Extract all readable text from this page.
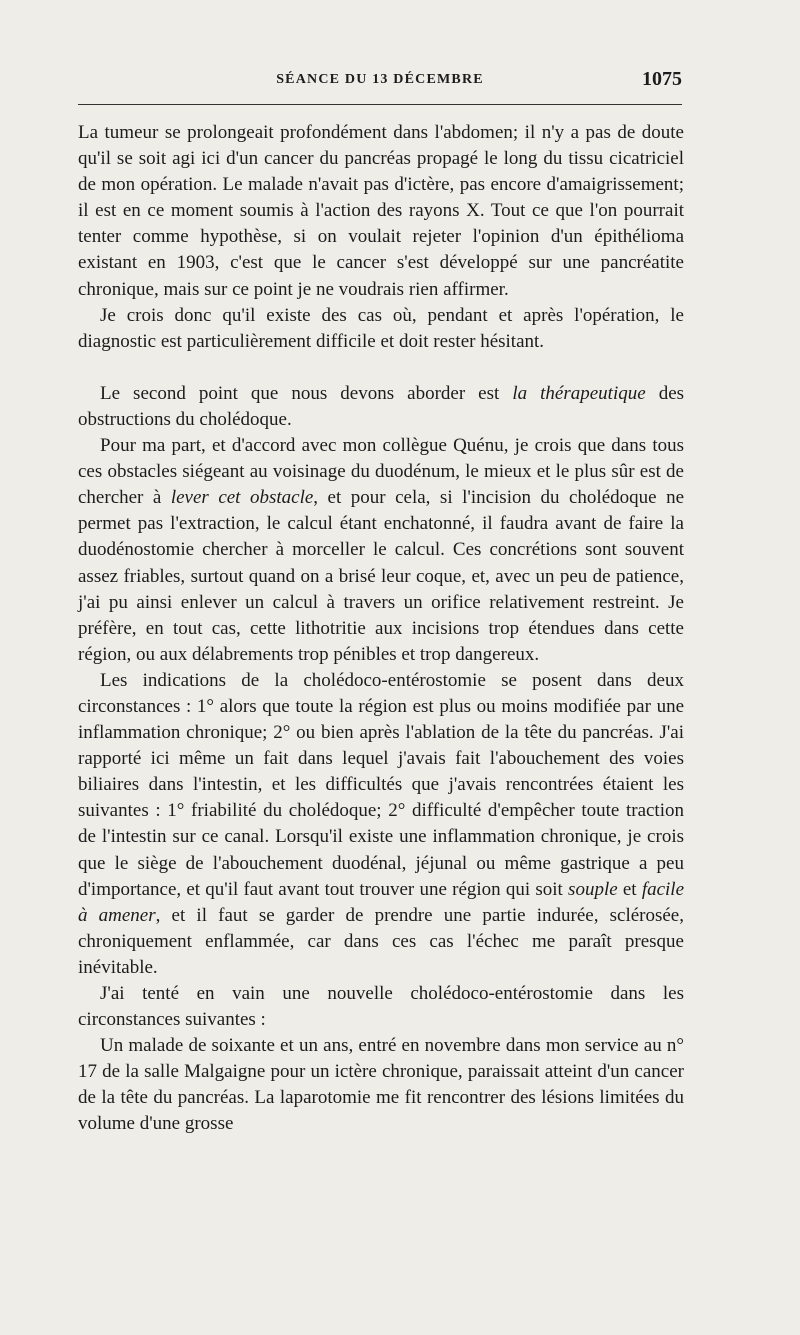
SÉANCE DU 13 DÉCEMBRE	1075

La tumeur se prolongeait profondément dans l'abdomen; il n'y a pas de doute qu'il se soit agi ici d'un cancer du pancréas propagé le long du tissu cicatriciel de mon opération. Le malade n'avait pas d'ictère, pas encore d'amaigrissement; il est en ce moment soumis à l'action des rayons X. Tout ce que l'on pourrait tenter comme hypothèse, si on voulait rejeter l'opinion d'un épithélioma existant en 1903, c'est que le cancer s'est développé sur une pancréatite chronique, mais sur ce point je ne voudrais rien affirmer.

Je crois donc qu'il existe des cas où, pendant et après l'opération, le diagnostic est particulièrement difficile et doit rester hésitant.

Le second point que nous devons aborder est la thérapeutique des obstructions du cholédoque.

Pour ma part, et d'accord avec mon collègue Quénu, je crois que dans tous ces obstacles siégeant au voisinage du duodénum, le mieux et le plus sûr est de chercher à lever cet obstacle, et pour cela, si l'incision du cholédoque ne permet pas l'extraction, le calcul étant enchatonné, il faudra avant de faire la duodénostomie chercher à morceller le calcul. Ces concrétions sont souvent assez friables, surtout quand on a brisé leur coque, et, avec un peu de patience, j'ai pu ainsi enlever un calcul à travers un orifice relativement restreint. Je préfère, en tout cas, cette lithotritie aux incisions trop étendues dans cette région, ou aux délabrements trop pénibles et trop dangereux.

Les indications de la cholédoco-entérostomie se posent dans deux circonstances : 1° alors que toute la région est plus ou moins modifiée par une inflammation chronique; 2° ou bien après l'ablation de la tête du pancréas. J'ai rapporté ici même un fait dans lequel j'avais fait l'abouchement des voies biliaires dans l'intestin, et les difficultés que j'avais rencontrées étaient les suivantes : 1° friabilité du cholédoque; 2° difficulté d'empêcher toute traction de l'intestin sur ce canal. Lorsqu'il existe une inflammation chronique, je crois que le siège de l'abouchement duodénal, jéjunal ou même gastrique a peu d'importance, et qu'il faut avant tout trouver une région qui soit souple et facile à amener, et il faut se garder de prendre une partie indurée, sclérosée, chroniquement enflammée, car dans ces cas l'échec me paraît presque inévitable.

J'ai tenté en vain une nouvelle cholédoco-entérostomie dans les circonstances suivantes :

Un malade de soixante et un ans, entré en novembre dans mon service au n° 17 de la salle Malgaigne pour un ictère chronique, paraissait atteint d'un cancer de la tête du pancréas. La laparotomie me fit rencontrer des lésions limitées du volume d'une grosse
